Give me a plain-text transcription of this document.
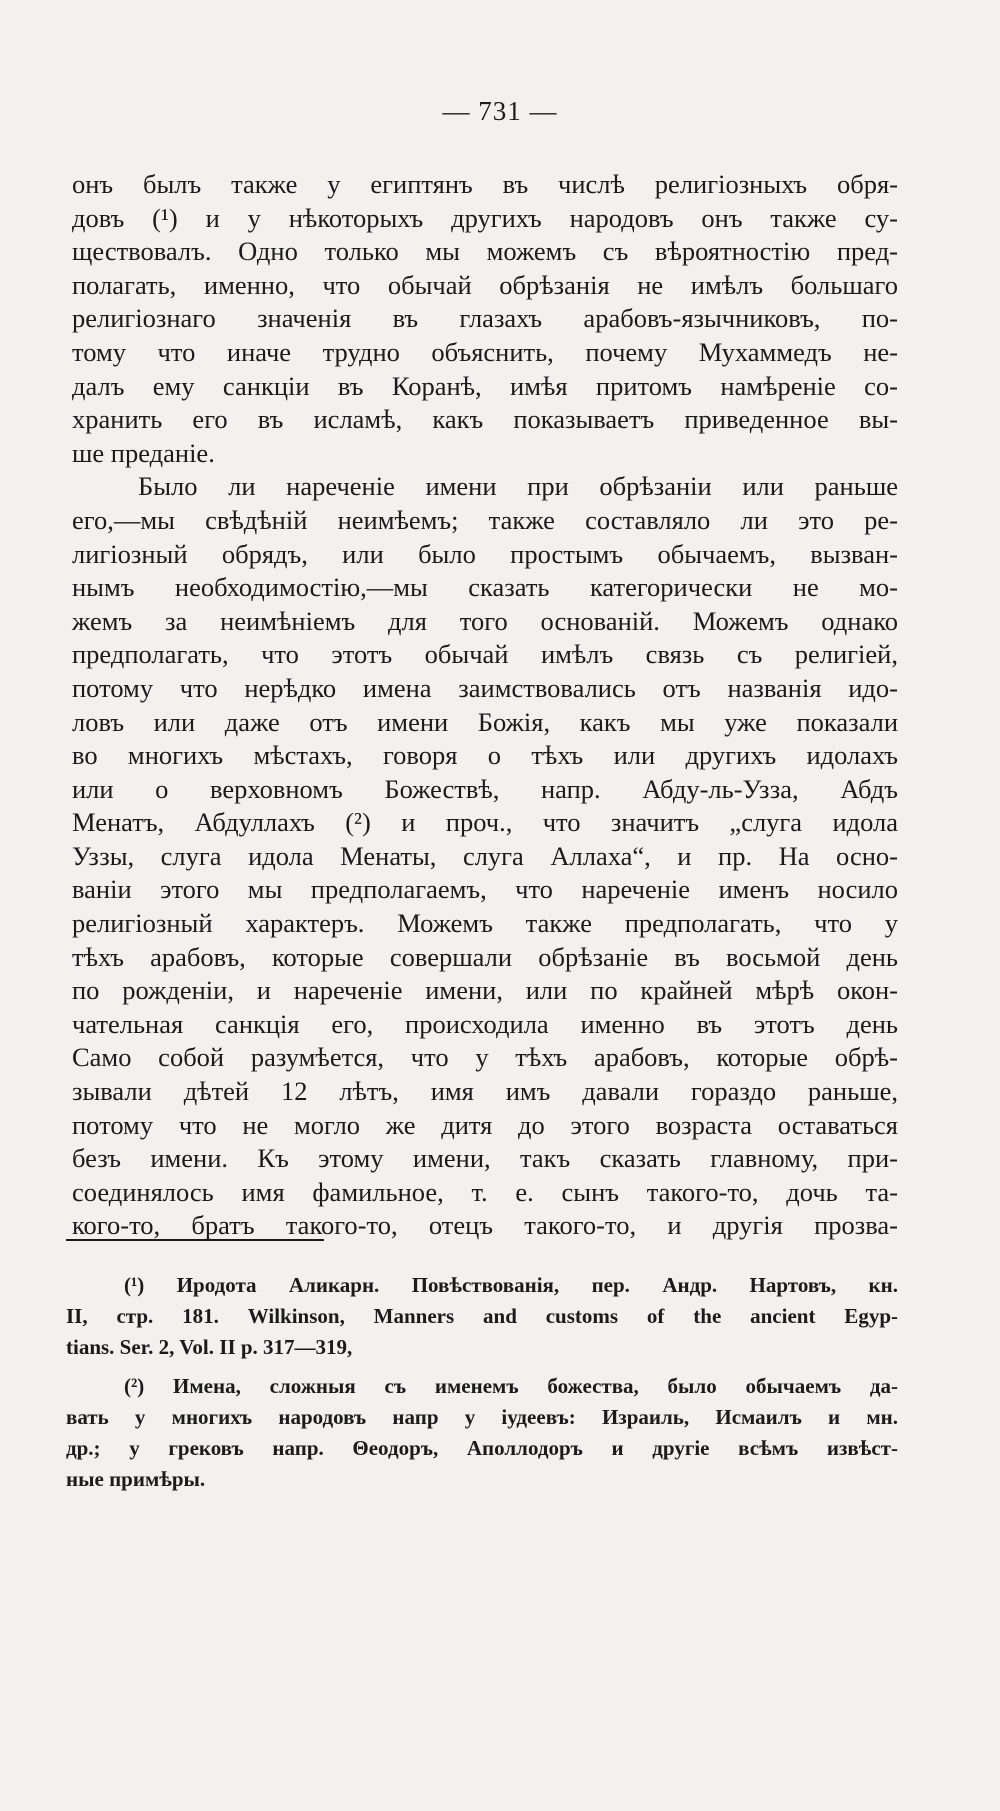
— 731 —

онъ былъ также у египтянъ въ числѣ религіозныхъ обря-

довъ (¹) и у нѣкоторыхъ другихъ народовъ онъ также су-

ществовалъ. Одно только мы можемъ съ вѣроятностію пред-

полагать, именно, что обычай обрѣзанія не имѣлъ большаго

религіознаго значенія въ глазахъ арабовъ-язычниковъ, по-

тому что иначе трудно объяснить, почему Мухаммедъ не-

далъ ему санкціи въ Коранѣ, имѣя притомъ намѣреніе со-

хранить его въ исламѣ, какъ показываетъ приведенное вы-

ше преданіе.

Было ли нареченіе имени при обрѣзаніи или раньше

его,—мы свѣдѣній неимѣемъ; также составляло ли это ре-

лигіозный обрядъ, или было простымъ обычаемъ, вызван-

нымъ необходимостію,—мы сказать категорически не мо-

жемъ за неимѣніемъ для того основаній. Можемъ однако

предполагать, что этотъ обычай имѣлъ связь съ религіей,

потому что нерѣдко имена заимствовались отъ названія идо-

ловъ или даже отъ имени Божія, какъ мы уже показали

во многихъ мѣстахъ, говоря о тѣхъ или другихъ идолахъ

или о верховномъ Божествѣ, напр. Абду-ль-Узза, Абдъ

Менатъ, Абдуллахъ (²) и проч., что значитъ „слуга идола

Уззы, слуга идола Менаты, слуга Аллаха“, и пр. На осно-

ваніи этого мы предполагаемъ, что нареченіе именъ носило

религіозный характеръ. Можемъ также предполагать, что у

тѣхъ арабовъ, которые совершали обрѣзаніе въ восьмой день

по рожденіи, и нареченіе имени, или по крайней мѣрѣ окон-

чательная санкція его, происходила именно въ этотъ день

Само собой разумѣется, что у тѣхъ арабовъ, которые обрѣ-

зывали дѣтей 12 лѣтъ, имя имъ давали гораздо раньше,

потому что не могло же дитя до этого возраста оставаться

безъ имени. Къ этому имени, такъ сказать главному, при-

соединялось имя фамильное, т. е. сынъ такого-то, дочь та-

кого-то, братъ такого-то, отецъ такого-то, и другія прозва-

(¹) Иродота Аликарн. Повѣствованія, пер. Андр. Нартовъ, кн.

II, стр. 181. Wilkinson, Manners and customs of the ancient Egyp-

tians. Ser. 2, Vol. II p. 317—319,

(²) Имена, сложныя съ именемъ божества, было обычаемъ да-

вать у многихъ народовъ напр у іудеевъ: Израиль, Исмаилъ и мн.

др.; у грековъ напр. Θеодоръ, Аполлодоръ и другіе всѣмъ извѣст-

ные примѣры.
